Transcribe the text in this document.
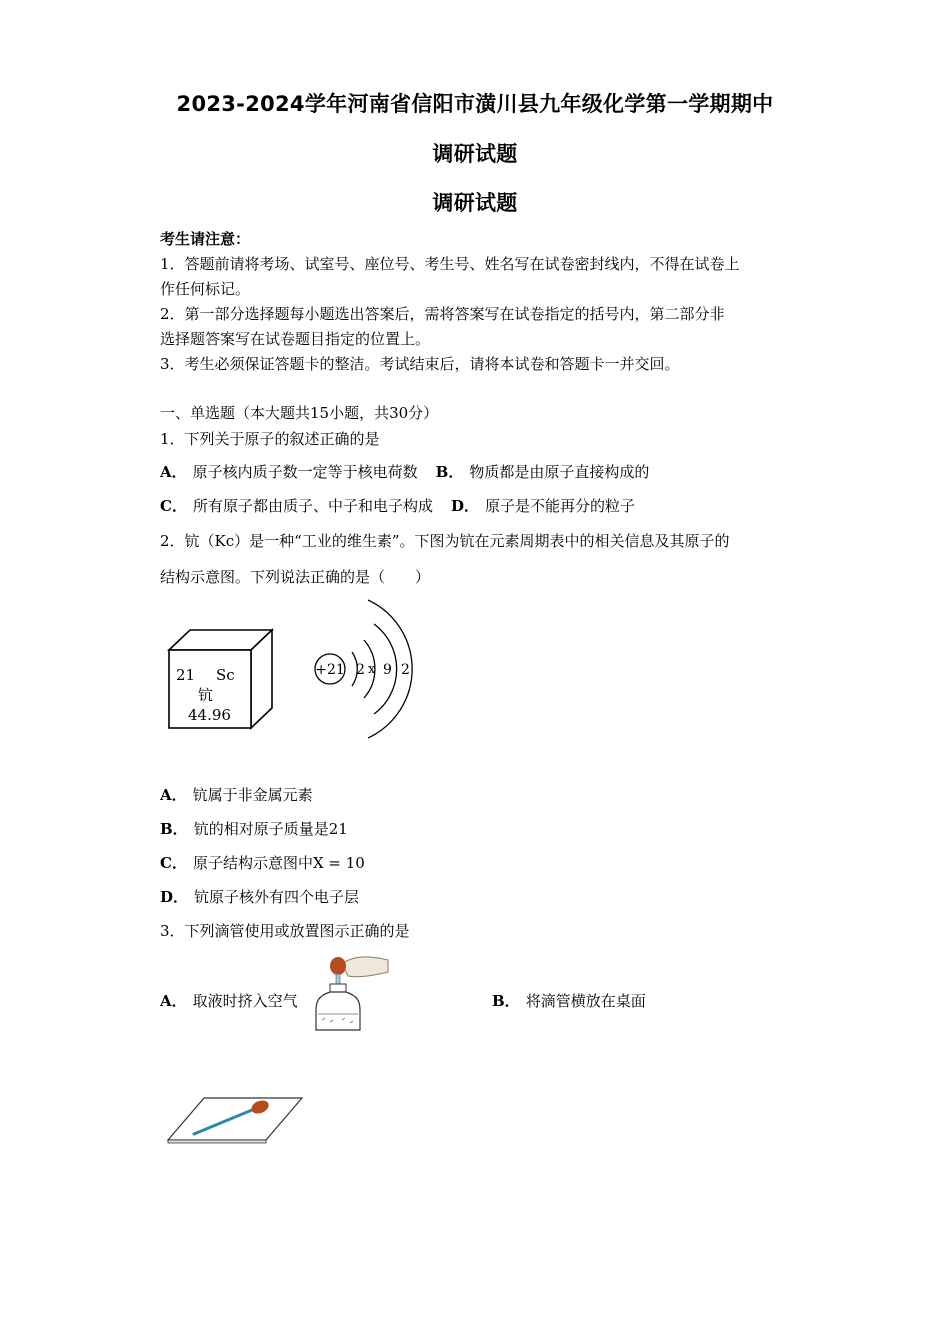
2023-2024学年河南省信阳市潢川县九年级化学第一学期期中
调研试题
调研试题
考生请注意：
1．答题前请将考场、试室号、座位号、考生号、姓名写在试卷密封线内，不得在试卷上
作任何标记。
2．第一部分选择题每小题选出答案后，需将答案写在试卷指定的括号内，第二部分非
选择题答案写在试卷题目指定的位置上。
3．考生必须保证答题卡的整洁。考试结束后，请将本试卷和答题卡一并交回。
一、单选题（本大题共15小题，共30分）
1．下列关于原子的叙述正确的是
A． 原子核内质子数一定等于核电荷数 B． 物质都是由原子直接构成的
C． 所有原子都由质子、中子和电子构成 D． 原子是不能再分的粒子
2．钪（Kc）是一种“工业的维生素”。下图为钪在元素周期表中的相关信息及其原子的
结构示意图。下列说法正确的是（　　）
21 Sc
钪
44.96
+21 2 x 9 2
A． 钪属于非金属元素
B． 钪的相对原子质量是21
C． 原子结构示意图中X = 10
D． 钪原子核外有四个电子层
3．下列滴管使用或放置图示正确的是
A． 取液时挤入空气	B． 将滴管横放在桌面
